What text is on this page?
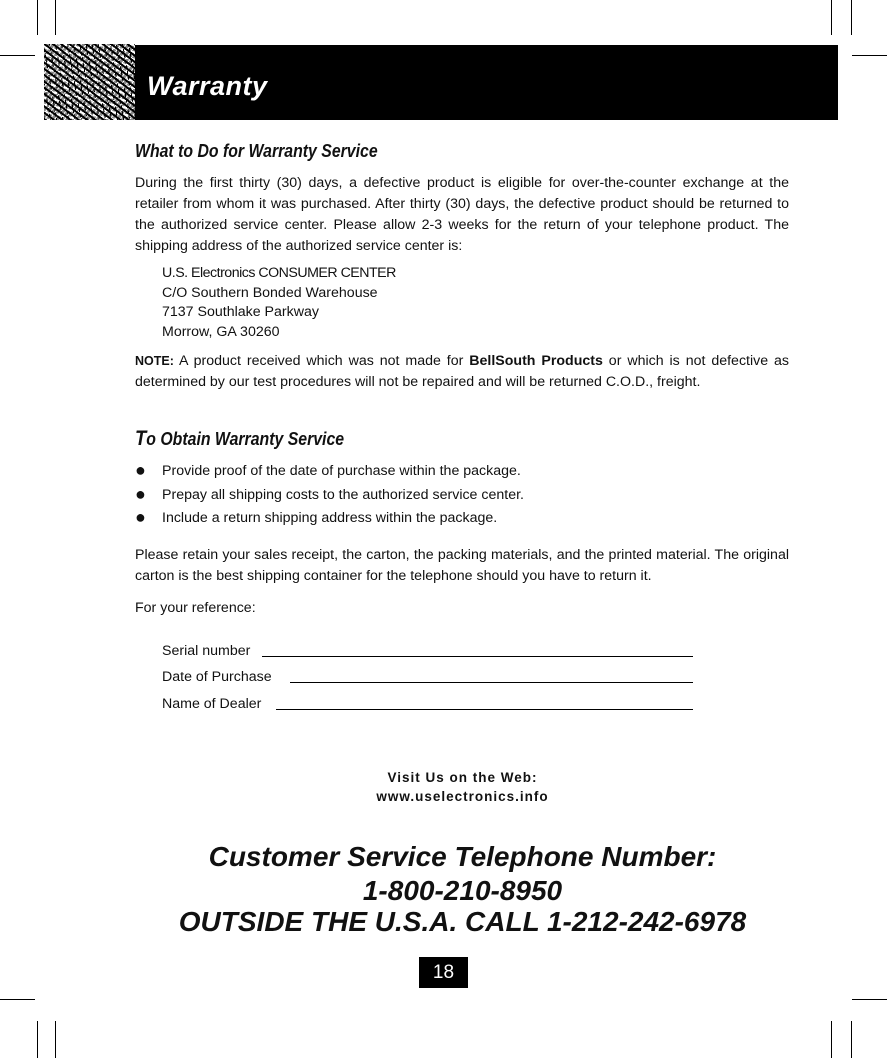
Warranty
What to Do for Warranty Service
During the first thirty (30) days, a defective product is eligible for over-the-counter exchange at the retailer from whom it was purchased. After thirty (30) days, the defective product should be returned to the authorized service center. Please allow 2-3 weeks for the return of your telephone product. The shipping address of the authorized service center is:
U.S. Electronics CONSUMER CENTER
C/O Southern Bonded Warehouse
7137 Southlake Parkway
Morrow, GA 30260
NOTE: A product received which was not made for BellSouth Products or which is not defective as determined by our test procedures will not be repaired and will be returned C.O.D., freight.
To Obtain Warranty Service
● Provide proof of the date of purchase within the package.
● Prepay all shipping costs to the authorized service center.
● Include a return shipping address within the package.
Please retain your sales receipt, the carton, the packing materials, and the printed material. The original carton is the best shipping container for the telephone should you have to return it.
For your reference:
Serial number
Date of Purchase
Name of Dealer
Visit Us on the Web:
www.uselectronics.info
Customer Service Telephone Number:
1-800-210-8950
OUTSIDE THE U.S.A. CALL 1-212-242-6978
18
